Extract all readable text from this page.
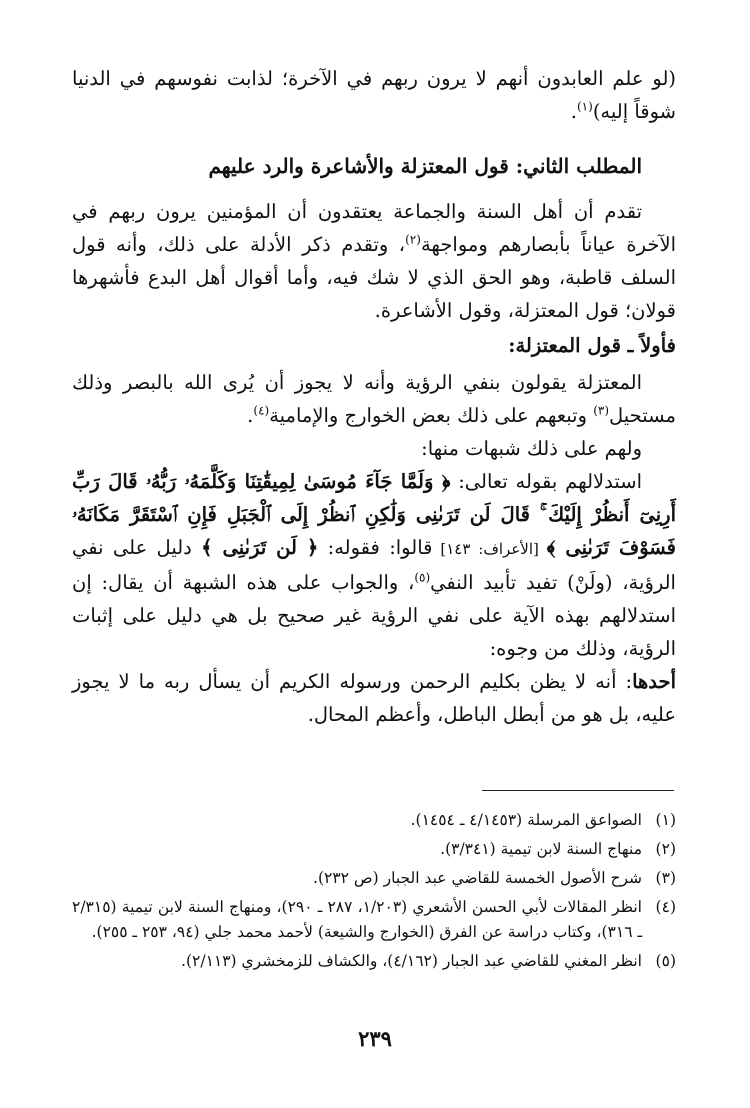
(لو علم العابدون أنهم لا يرون ربهم في الآخرة؛ لذابت نفوسهم في الدنيا شوقاً إليه)$^{(١)}$.

المطلب الثاني: قول المعتزلة والأشاعرة والرد عليهم

تقدم أن أهل السنة والجماعة يعتقدون أن المؤمنين يرون ربهم في الآخرة عياناً بأبصارهم ومواجهة$^{(٢)}$، وتقدم ذكر الأدلة على ذلك، وأنه قول السلف قاطبة، وهو الحق الذي لا شك فيه، وأما أقوال أهل البدع فأشهرها قولان؛ قول المعتزلة، وقول الأشاعرة.

فأولاً ـ قول المعتزلة:

المعتزلة يقولون بنفي الرؤية وأنه لا يجوز أن يُرى الله بالبصر وذلك مستحيل$^{(٣)}$ وتبعهم على ذلك بعض الخوارج والإمامية$^{(٤)}$.

ولهم على ذلك شبهات منها:

استدلالهم بقوله تعالى: ﴿ وَلَمَّا جَآءَ مُوسَىٰ لِمِيقَٰتِنَا وَكَلَّمَهُۥ رَبُّهُۥ قَالَ رَبِّ أَرِنِىٓ أَنظُرْ إِلَيْكَ ۚ قَالَ لَن تَرَىٰنِى وَلَٰكِنِ ٱنظُرْ إِلَى ٱلْجَبَلِ فَإِنِ ٱسْتَقَرَّ مَكَانَهُۥ فَسَوْفَ تَرَىٰنِى ﴾ [الأعراف: ١٤٣] قالوا: فقوله: ﴿ لَن تَرَىٰنِى ﴾ دليل على نفي الرؤية، (ولَنْ) تفيد تأبيد النفي$^{(٥)}$، والجواب على هذه الشبهة أن يقال: إن استدلالهم بهذه الآية على نفي الرؤية غير صحيح بل هي دليل على إثبات الرؤية، وذلك من وجوه:

أحدها: أنه لا يظن بكليم الرحمن ورسوله الكريم أن يسأل ربه ما لا يجوز عليه، بل هو من أبطل الباطل، وأعظم المحال.

(١)
الصواعق المرسلة (٤/١٤٥٣ ـ ١٤٥٤).
(٢)
منهاج السنة لابن تيمية (٣/٣٤١).
(٣)
شرح الأصول الخمسة للقاضي عبد الجبار (ص ٢٣٢).
(٤)
انظر المقالات لأبي الحسن الأشعري (١/٢٠٣، ٢٨٧ ـ ٢٩٠)، ومنهاج السنة لابن تيمية (٢/٣١٥ ـ ٣١٦)، وكتاب دراسة عن الفرق (الخوارج والشيعة) لأحمد محمد جلي (٩٤، ٢٥٣ ـ ٢٥٥).
(٥)
انظر المغني للقاضي عبد الجبار (٤/١٦٢)، والكشاف للزمخشري (٢/١١٣).
٢٣٩
